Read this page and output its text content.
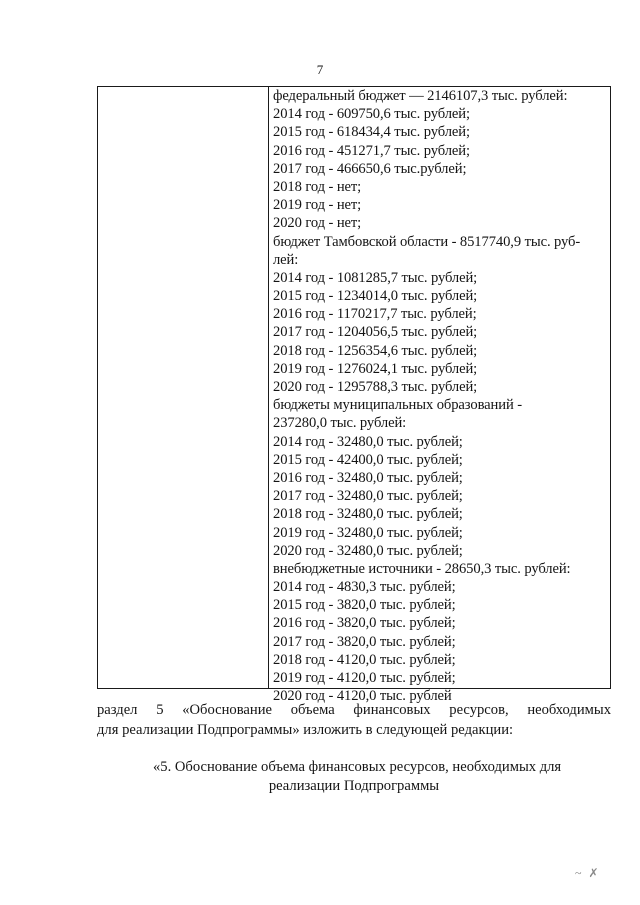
7
федеральный бюджет — 2146107,3 тыс. рублей:
2014 год - 609750,6 тыс. рублей;
2015 год - 618434,4 тыс. рублей;
2016 год - 451271,7 тыс. рублей;
2017 год - 466650,6 тыс.рублей;
2018 год - нет;
2019 год - нет;
2020 год - нет;
бюджет Тамбовской области - 8517740,9 тыс. руб-
лей:
2014 год - 1081285,7 тыс. рублей;
2015 год - 1234014,0 тыс. рублей;
2016 год - 1170217,7 тыс. рублей;
2017 год - 1204056,5 тыс. рублей;
2018 год - 1256354,6 тыс. рублей;
2019 год - 1276024,1 тыс. рублей;
2020 год - 1295788,3 тыс. рублей;
бюджеты муниципальных образований -
237280,0 тыс. рублей:
2014 год - 32480,0 тыс. рублей;
2015 год - 42400,0 тыс. рублей;
2016 год - 32480,0 тыс. рублей;
2017 год - 32480,0 тыс. рублей;
2018 год - 32480,0 тыс. рублей;
2019 год - 32480,0 тыс. рублей;
2020 год - 32480,0 тыс. рублей;
внебюджетные источники - 28650,3 тыс. рублей:
2014 год - 4830,3 тыс. рублей;
2015 год - 3820,0 тыс. рублей;
2016 год - 3820,0 тыс. рублей;
2017 год - 3820,0 тыс. рублей;
2018 год - 4120,0 тыс. рублей;
2019 год - 4120,0 тыс. рублей;
2020 год - 4120,0 тыс. рублей
раздел 5 «Обоснование объема финансовых ресурсов, необходимых
для реализации Подпрограммы» изложить в следующей редакции:
«5. Обоснование объема финансовых ресурсов, необходимых для
реализации Подпрограммы
~ ✗
